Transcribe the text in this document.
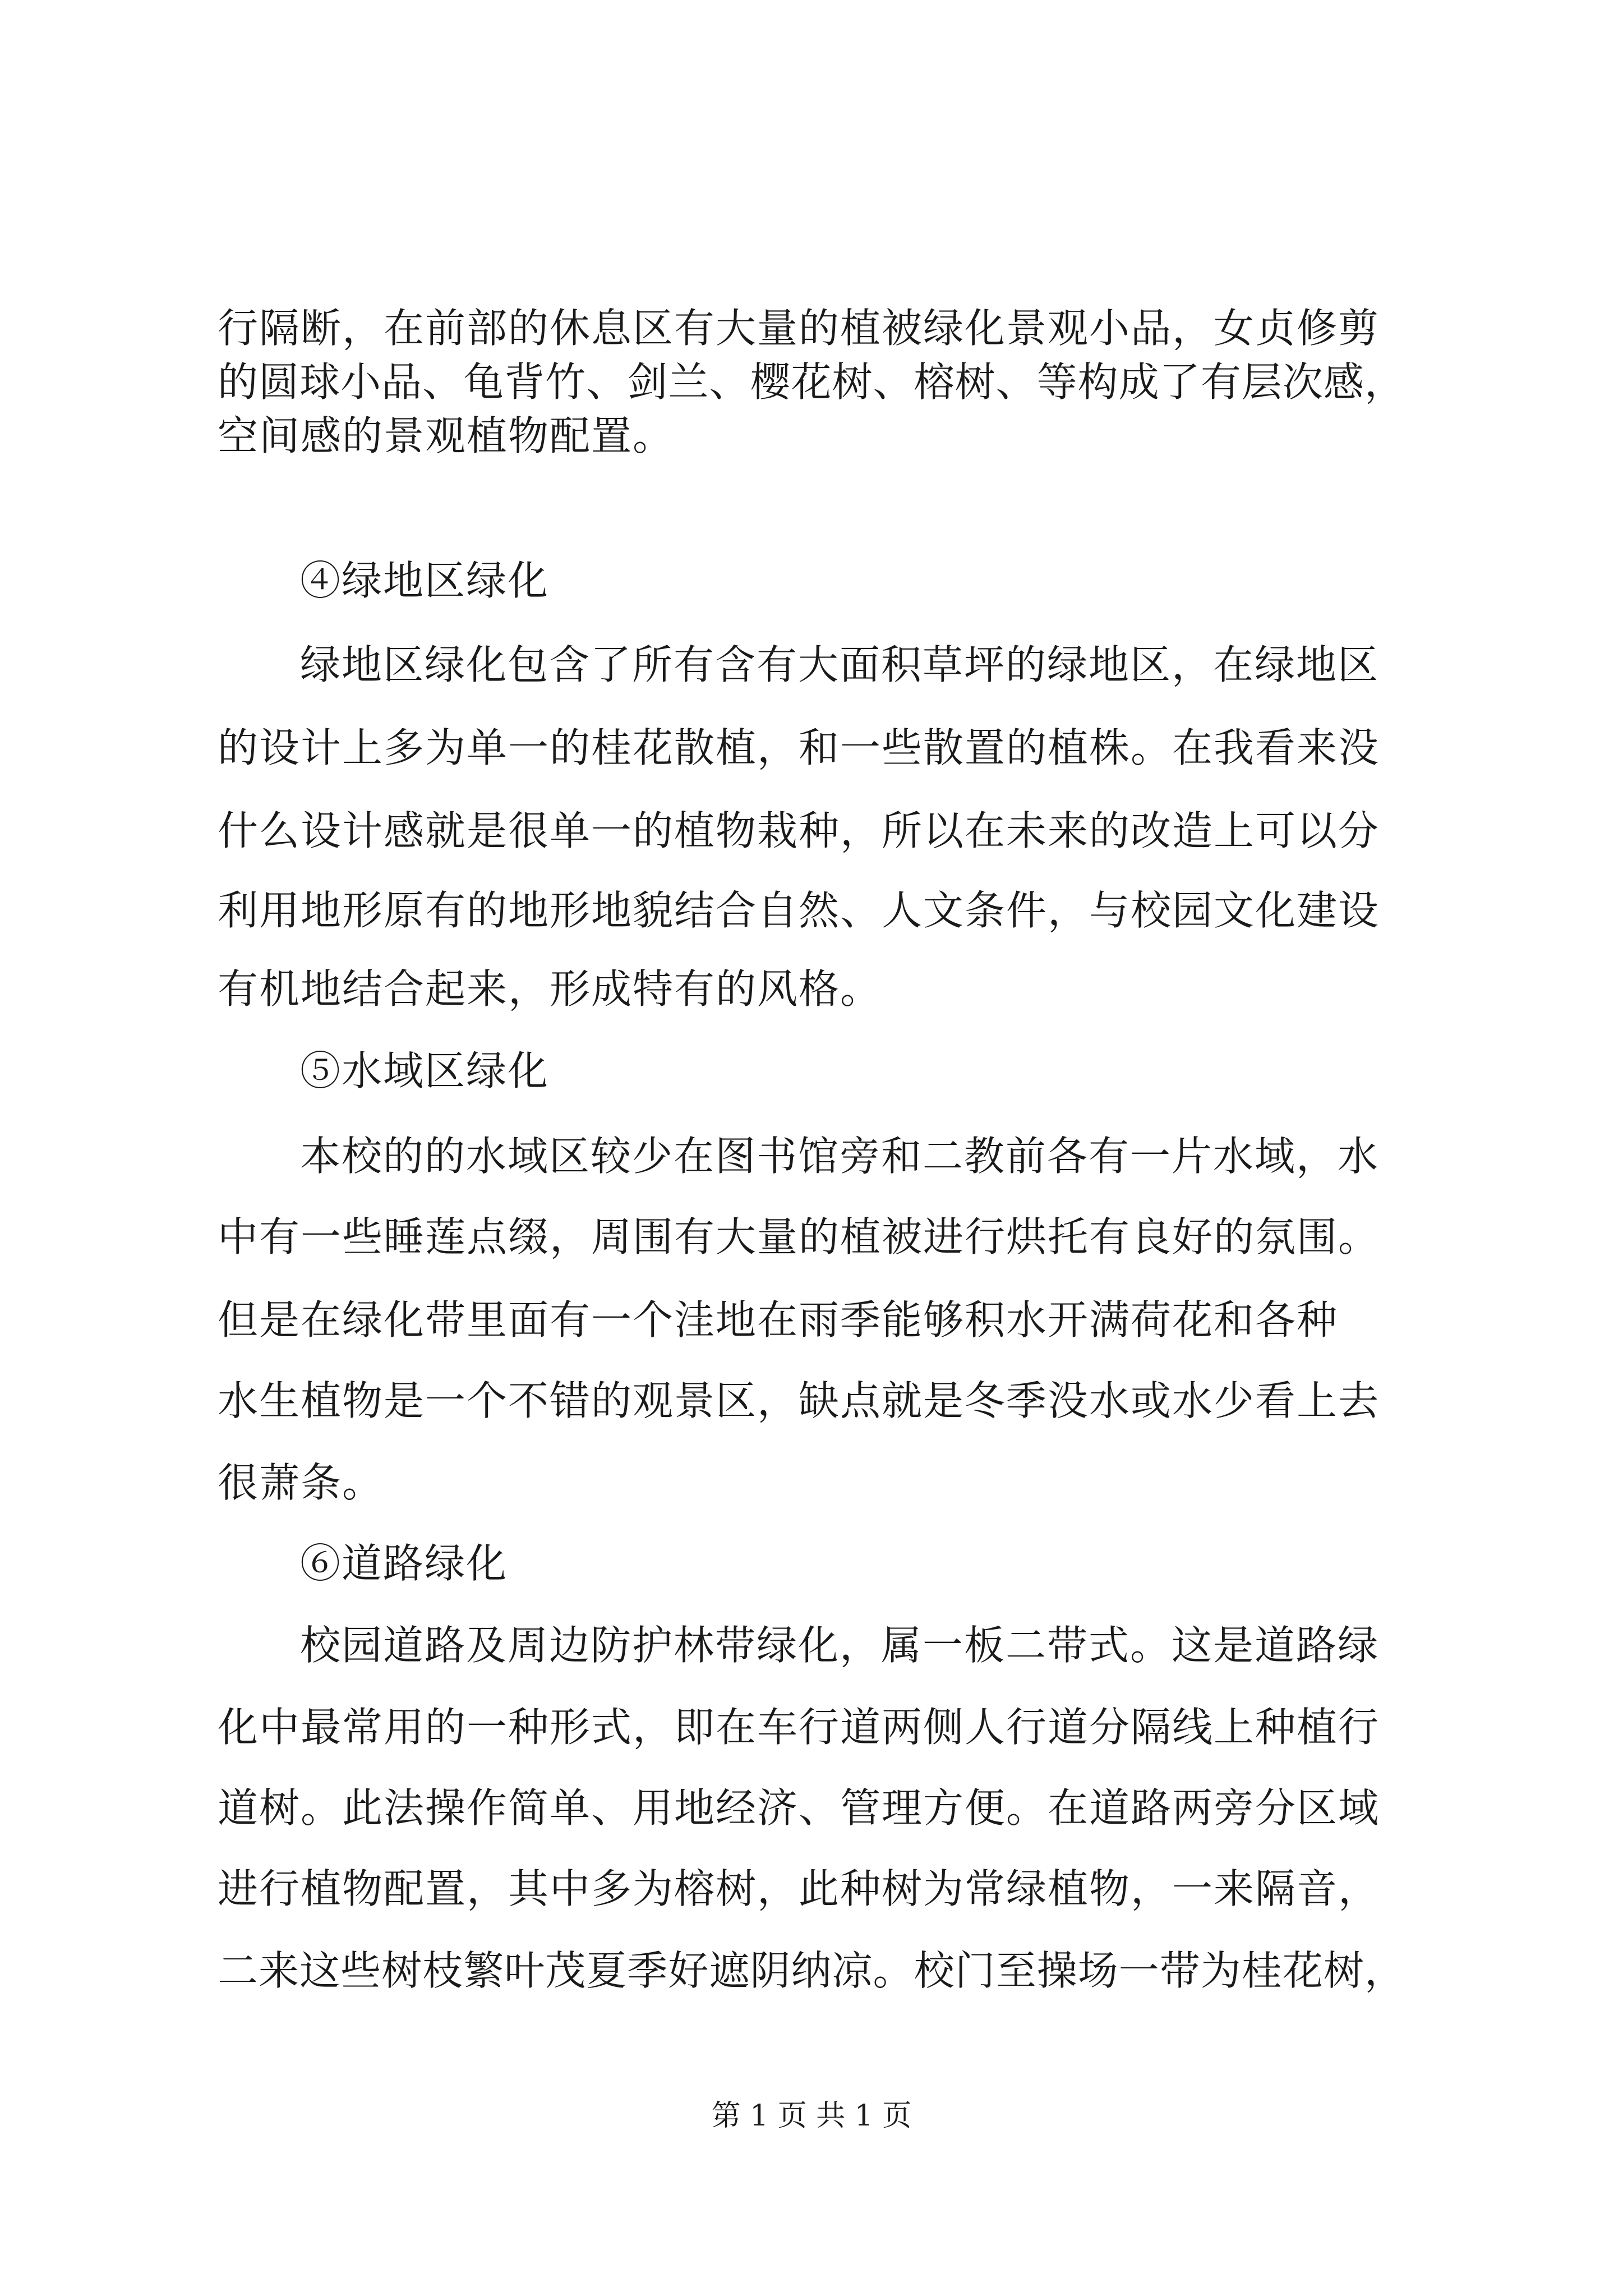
行隔断，在前部的休息区有大量的植被绿化景观小品，女贞修剪
的圆球小品、龟背竹、剑兰、樱花树、榕树、等构成了有层次感，
空间感的景观植物配置。
④绿地区绿化
绿地区绿化包含了所有含有大面积草坪的绿地区，在绿地区
的设计上多为单一的桂花散植，和一些散置的植株。在我看来没
什么设计感就是很单一的植物栽种，所以在未来的改造上可以分
利用地形原有的地形地貌结合自然、人文条件，与校园文化建设
有机地结合起来，形成特有的风格。
⑤水域区绿化
本校的的水域区较少在图书馆旁和二教前各有一片水域，水
中有一些睡莲点缀，周围有大量的植被进行烘托有良好的氛围。
但是在绿化带里面有一个洼地在雨季能够积水开满荷花和各种
水生植物是一个不错的观景区，缺点就是冬季没水或水少看上去
很萧条。
⑥道路绿化
校园道路及周边防护林带绿化，属一板二带式。这是道路绿
化中最常用的一种形式，即在车行道两侧人行道分隔线上种植行
道树。此法操作简单、用地经济、管理方便。在道路两旁分区域
进行植物配置，其中多为榕树，此种树为常绿植物，一来隔音，
二来这些树枝繁叶茂夏季好遮阴纳凉。校门至操场一带为桂花树，
第 1 页 共 1 页
